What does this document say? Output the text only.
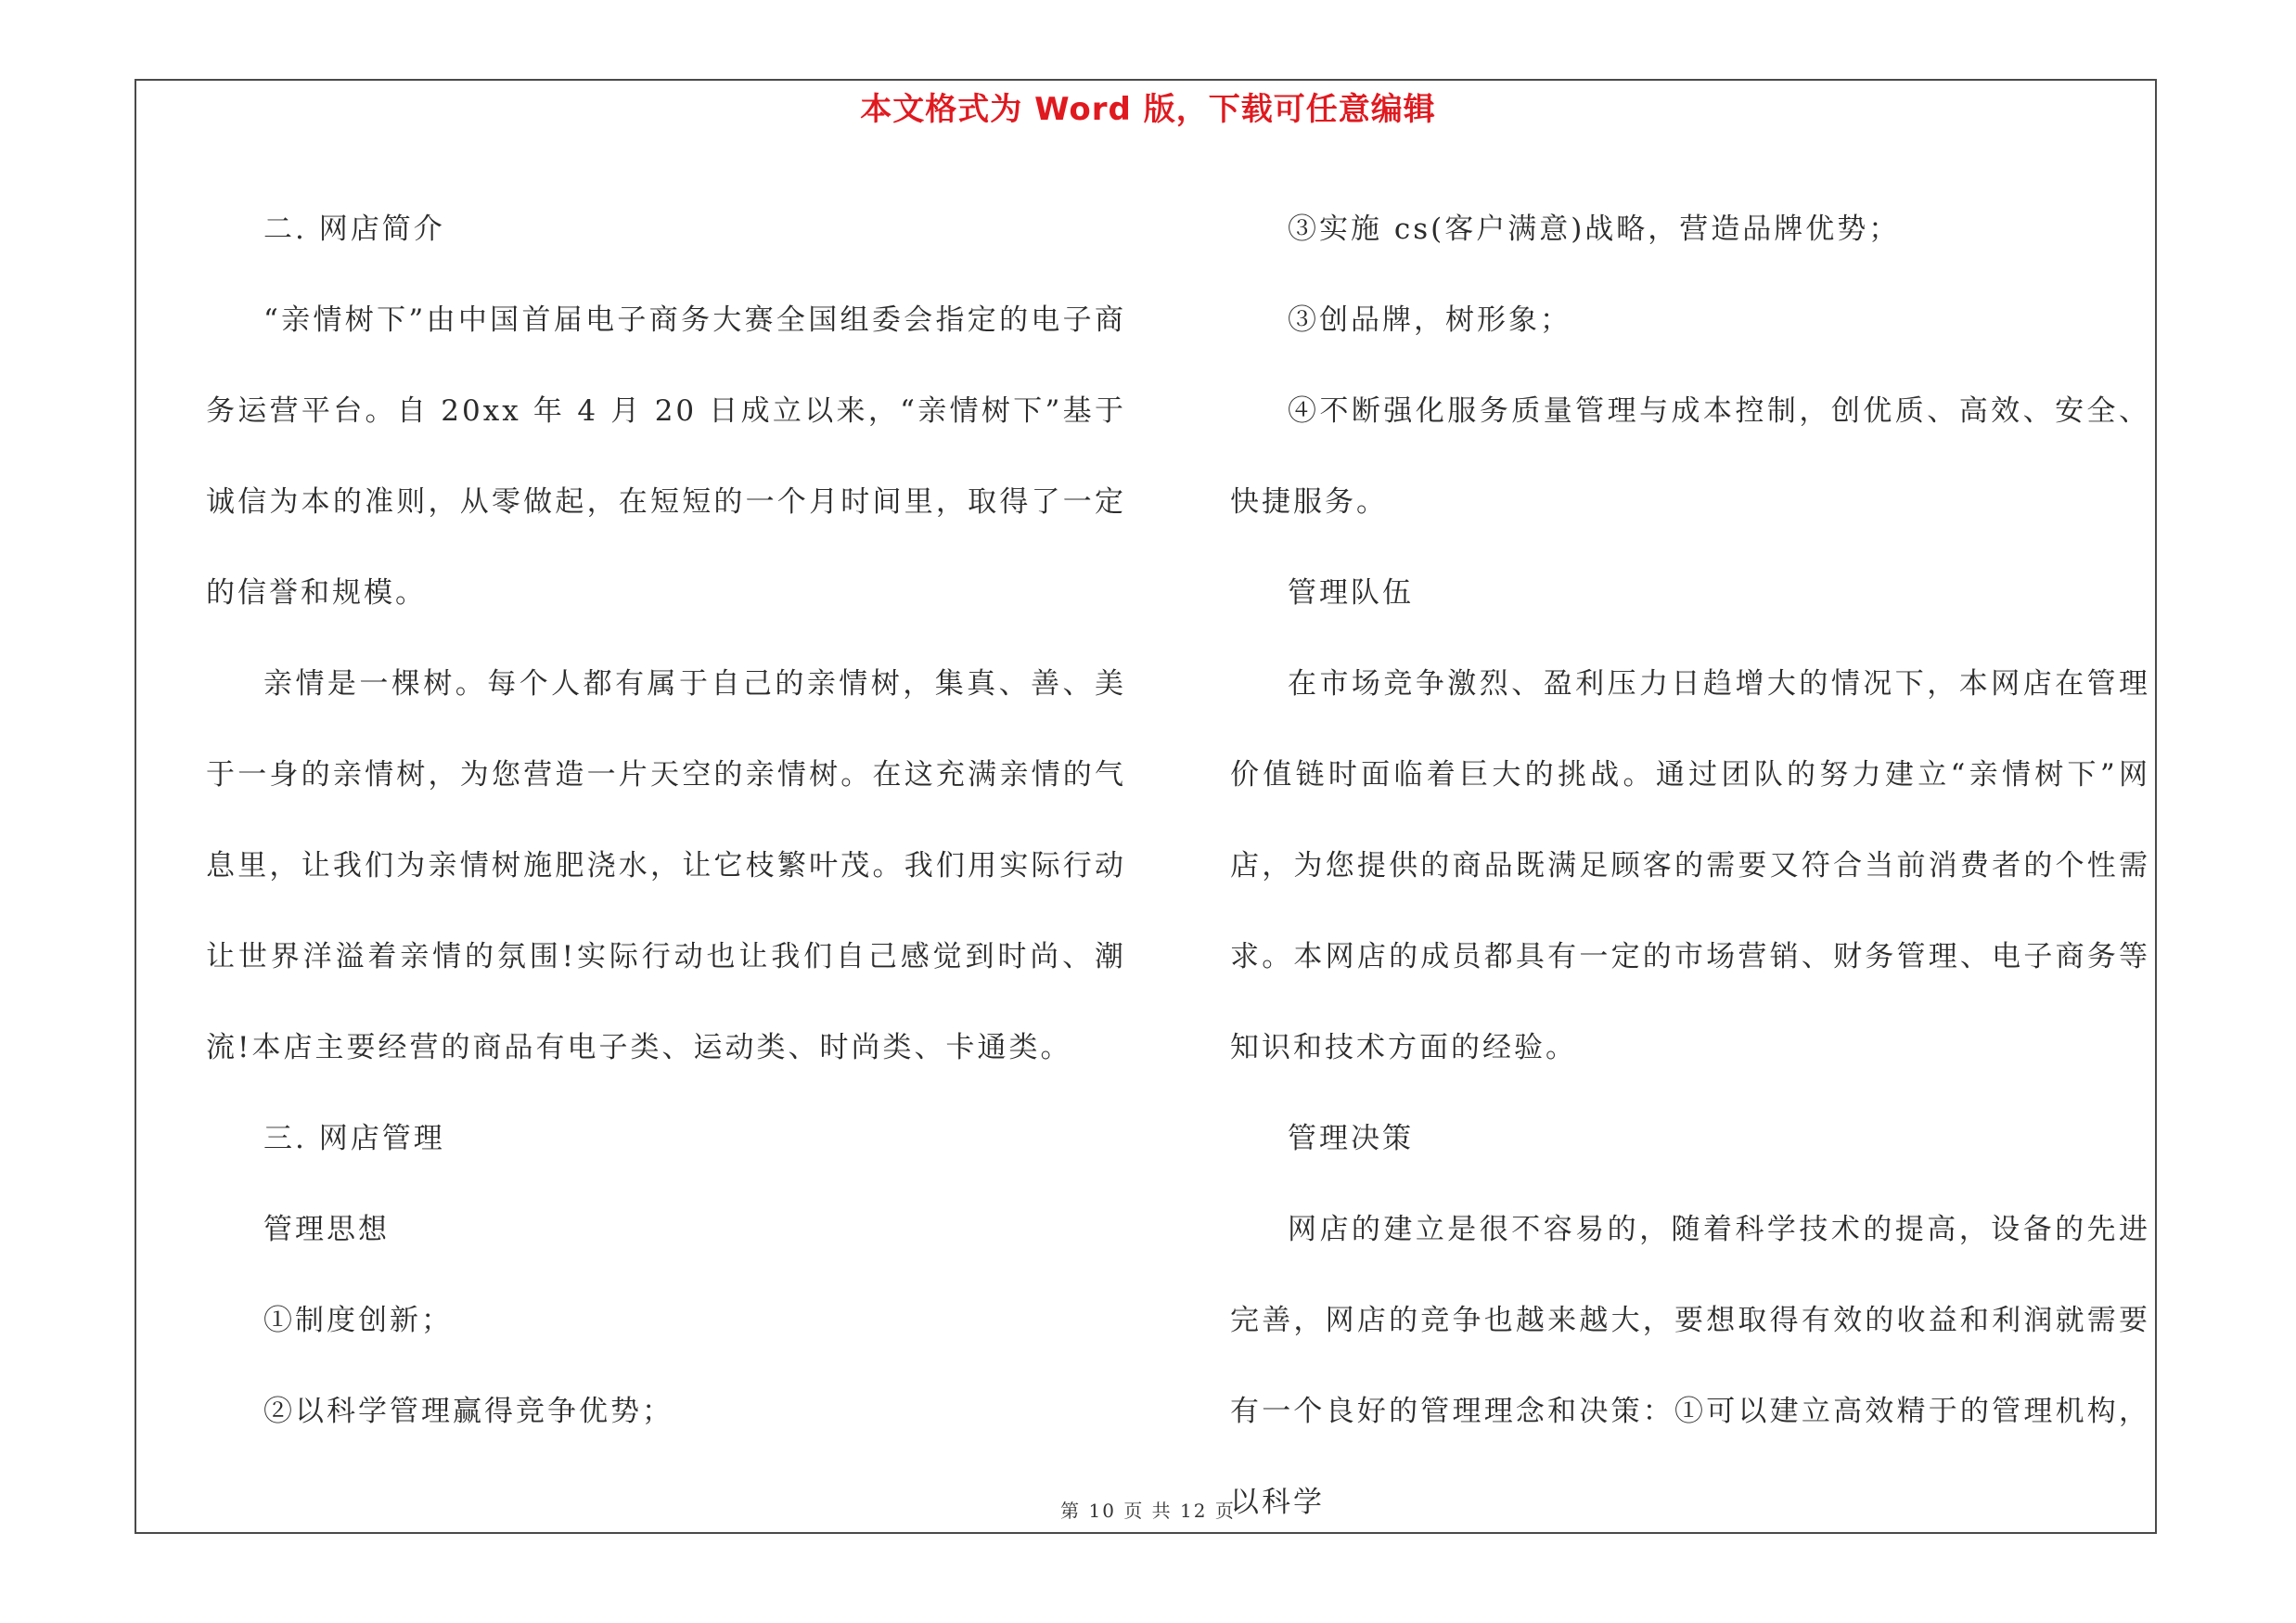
本文格式为 Word 版，下载可任意编辑

二. 网店简介

“亲情树下”由中国首届电子商务大赛全国组委会指定的电子商务运营平台。自 20xx 年 4 月 20 日成立以来，“亲情树下”基于诚信为本的准则，从零做起，在短短的一个月时间里，取得了一定的信誉和规模。

亲情是一棵树。每个人都有属于自己的亲情树，集真、善、美于一身的亲情树，为您营造一片天空的亲情树。在这充满亲情的气息里，让我们为亲情树施肥浇水，让它枝繁叶茂。我们用实际行动让世界洋溢着亲情的氛围!实际行动也让我们自己感觉到时尚、潮流!本店主要经营的商品有电子类、运动类、时尚类、卡通类。

三. 网店管理

管理思想

①制度创新；

②以科学管理赢得竞争优势；

③实施 cs(客户满意)战略，营造品牌优势；

③创品牌，树形象；

④不断强化服务质量管理与成本控制，创优质、高效、安全、快捷服务。

管理队伍

在市场竞争激烈、盈利压力日趋增大的情况下，本网店在管理价值链时面临着巨大的挑战。通过团队的努力建立“亲情树下”网店，为您提供的商品既满足顾客的需要又符合当前消费者的个性需求。本网店的成员都具有一定的市场营销、财务管理、电子商务等知识和技术方面的经验。

管理决策

网店的建立是很不容易的，随着科学技术的提高，设备的先进完善，网店的竞争也越来越大，要想取得有效的收益和利润就需要有一个良好的管理理念和决策：①可以建立高效精于的管理机构，以科学

第 10 页 共 12 页
